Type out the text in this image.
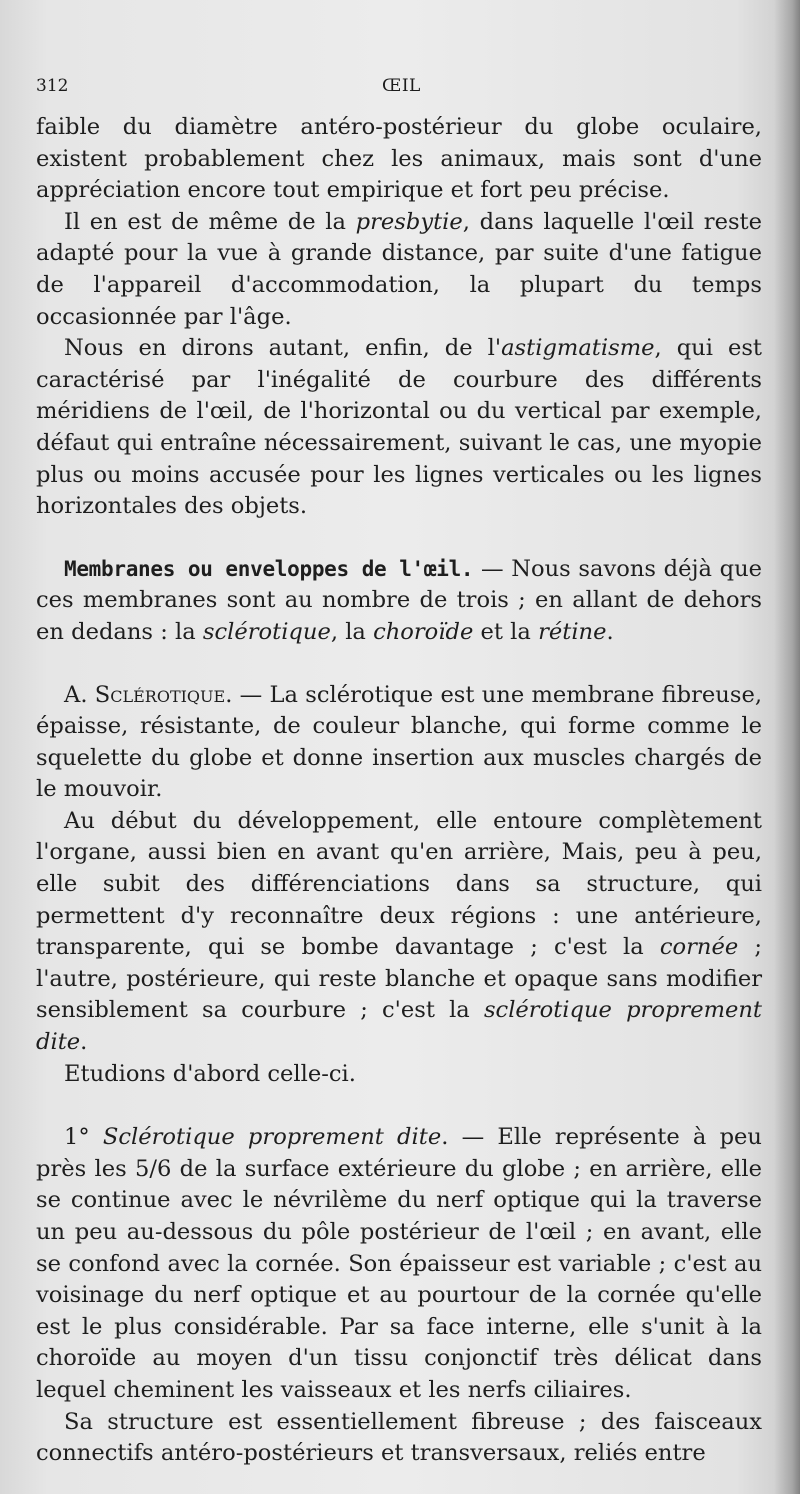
312	ŒIL

faible du diamètre antéro-postérieur du globe oculaire, existent probablement chez les animaux, mais sont d'une appréciation encore tout empirique et fort peu précise.

Il en est de même de la presbytie, dans laquelle l'œil reste adapté pour la vue à grande distance, par suite d'une fatigue de l'appareil d'accommodation, la plupart du temps occasionnée par l'âge.

Nous en dirons autant, enfin, de l'astigmatisme, qui est caractérisé par l'inégalité de courbure des différents méridiens de l'œil, de l'horizontal ou du vertical par exemple, défaut qui entraîne nécessairement, suivant le cas, une myopie plus ou moins accusée pour les lignes verticales ou les lignes horizontales des objets.

Membranes ou enveloppes de l'œil. — Nous savons déjà que ces membranes sont au nombre de trois ; en allant de dehors en dedans : la sclérotique, la choroïde et la rétine.

A. Sclérotique. — La sclérotique est une membrane fibreuse, épaisse, résistante, de couleur blanche, qui forme comme le squelette du globe et donne insertion aux muscles chargés de le mouvoir.

Au début du développement, elle entoure complètement l'organe, aussi bien en avant qu'en arrière, Mais, peu à peu, elle subit des différenciations dans sa structure, qui permettent d'y reconnaître deux régions : une antérieure, transparente, qui se bombe davantage ; c'est la cornée ; l'autre, postérieure, qui reste blanche et opaque sans modifier sensiblement sa courbure ; c'est la sclérotique proprement dite.

Etudions d'abord celle-ci.

1° Sclérotique proprement dite. — Elle représente à peu près les 5/6 de la surface extérieure du globe ; en arrière, elle se continue avec le névrilème du nerf optique qui la traverse un peu au-dessous du pôle postérieur de l'œil ; en avant, elle se confond avec la cornée. Son épaisseur est variable ; c'est au voisinage du nerf optique et au pourtour de la cornée qu'elle est le plus considérable. Par sa face interne, elle s'unit à la choroïde au moyen d'un tissu conjonctif très délicat dans lequel cheminent les vaisseaux et les nerfs ciliaires.

Sa structure est essentiellement fibreuse ; des faisceaux connectifs antéro-postérieurs et transversaux, reliés entre
